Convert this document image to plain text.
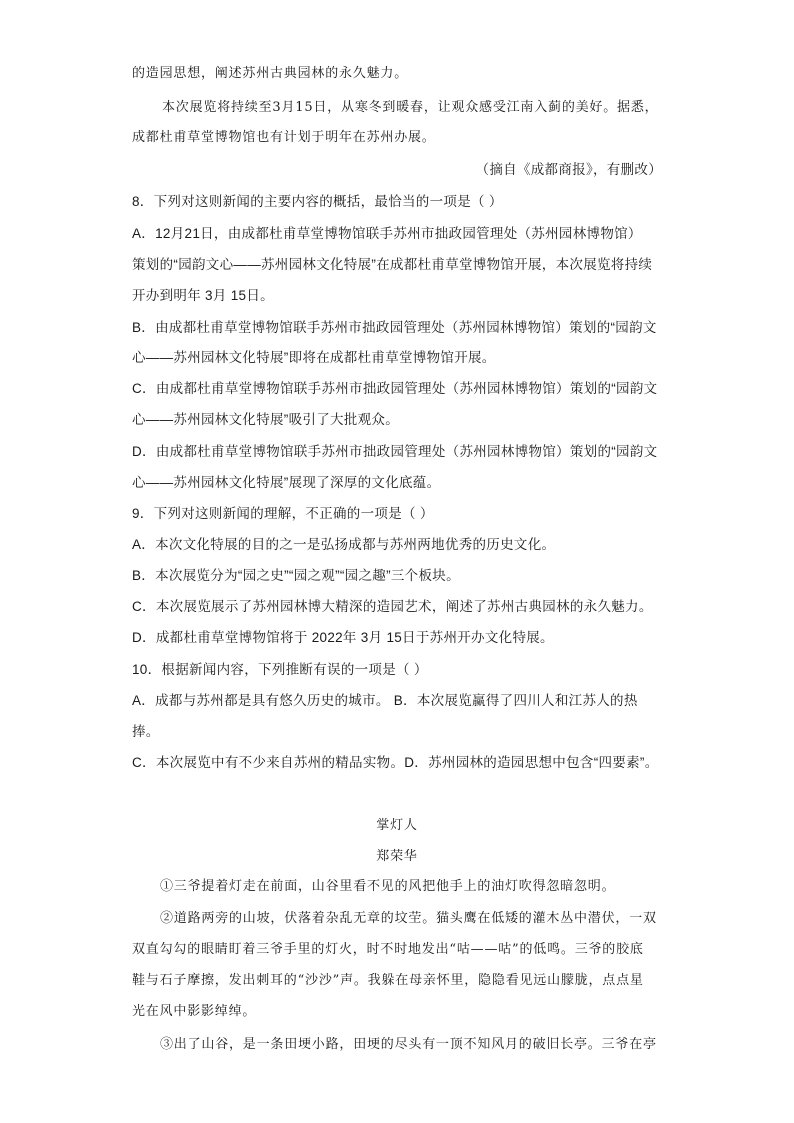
的造园思想，阐述苏州古典园林的永久魅力。
本次展览将持续至3月15日，从寒冬到暖春，让观众感受江南入蓟的美好。据悉，
成都杜甫草堂博物馆也有计划于明年在苏州办展。
（摘自《成都商报》，有删改）
8．下列对这则新闻的主要内容的概括，最恰当的一项是（ ）
A．12月21日，由成都杜甫草堂博物馆联手苏州市拙政园管理处（苏州园林博物馆）
策划的“园韵文心——苏州园林文化特展”在成都杜甫草堂博物馆开展，本次展览将持续
开办到明年 3月 15日。
B．由成都杜甫草堂博物馆联手苏州市拙政园管理处（苏州园林博物馆）策划的“园韵文
心——苏州园林文化特展”即将在成都杜甫草堂博物馆开展。
C．由成都杜甫草堂博物馆联手苏州市拙政园管理处（苏州园林博物馆）策划的“园韵文
心——苏州园林文化特展”吸引了大批观众。
D．由成都杜甫草堂博物馆联手苏州市拙政园管理处（苏州园林博物馆）策划的“园韵文
心——苏州园林文化特展”展现了深厚的文化底蕴。
9．下列对这则新闻的理解，不正确的一项是（ ）
A．本次文化特展的目的之一是弘扬成都与苏州两地优秀的历史文化。
B．本次展览分为“园之史”“园之观”“园之趣”三个板块。
C．本次展览展示了苏州园林博大精深的造园艺术，阐述了苏州古典园林的永久魅力。
D．成都杜甫草堂博物馆将于 2022年 3月 15日于苏州开办文化特展。
10．根据新闻内容，下列推断有误的一项是（ ）
A．成都与苏州都是具有悠久历史的城市。 B．本次展览赢得了四川人和江苏人的热
捧。
C．本次展览中有不少来自苏州的精品实物。D．苏州园林的造园思想中包含“四要素”。
掌灯人
郑荣华
①三爷提着灯走在前面，山谷里看不见的风把他手上的油灯吹得忽暗忽明。
②道路两旁的山坡，伏落着杂乱无章的坟茔。猫头鹰在低矮的灌木丛中潜伏，一双
双直勾勾的眼睛盯着三爷手里的灯火，时不时地发出“咕——咕”的低鸣。三爷的胶底
鞋与石子摩擦，发出刺耳的“沙沙”声。我躲在母亲怀里，隐隐看见远山朦胧，点点星
光在风中影影绰绰。
③出了山谷，是一条田埂小路，田埂的尽头有一顶不知风月的破旧长亭。三爷在亭
